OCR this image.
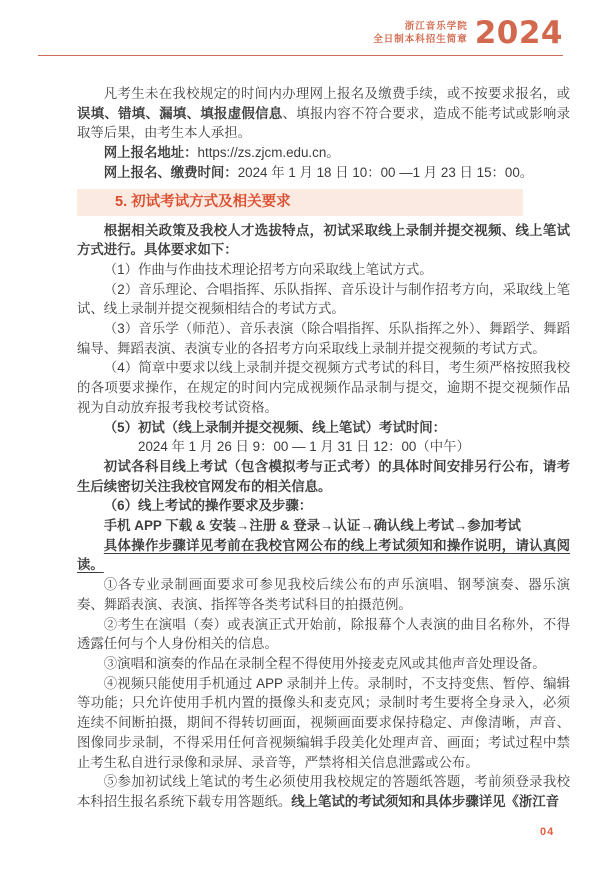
浙江音乐学院
全日制本科招生简章 2024

凡考生未在我校规定的时间内办理网上报名及缴费手续，或不按要求报名，或误填、错填、漏填、填报虚假信息、填报内容不符合要求，造成不能考试或影响录取等后果，由考生本人承担。

网上报名地址：https://zs.zjcm.edu.cn。

网上报名、缴费时间：2024 年 1 月 18 日 10：00 —1 月 23 日 15：00。

5. 初试考试方式及相关要求

根据相关政策及我校人才选拔特点，初试采取线上录制并提交视频、线上笔试方式进行。具体要求如下：

（1）作曲与作曲技术理论招考方向采取线上笔试方式。

（2）音乐理论、合唱指挥、乐队指挥、音乐设计与制作招考方向，采取线上笔试、线上录制并提交视频相结合的考试方式。

（3）音乐学（师范）、音乐表演（除合唱指挥、乐队指挥之外）、舞蹈学、舞蹈编导、舞蹈表演、表演专业的各招考方向采取线上录制并提交视频的考试方式。

（4）简章中要求以线上录制并提交视频方式考试的科目，考生须严格按照我校的各项要求操作，在规定的时间内完成视频作品录制与提交，逾期不提交视频作品视为自动放弃报考我校考试资格。

（5）初试（线上录制并提交视频、线上笔试）考试时间：

2024 年 1 月 26 日 9：00 — 1 月 31 日 12：00（中午）

初试各科目线上考试（包含模拟考与正式考）的具体时间安排另行公布，请考生后续密切关注我校官网发布的相关信息。

（6）线上考试的操作要求及步骤：

手机 APP 下载 & 安装→注册 & 登录→认证→确认线上考试→参加考试

具体操作步骤详见考前在我校官网公布的线上考试须知和操作说明，请认真阅读。

①各专业录制画面要求可参见我校后续公布的声乐演唱、钢琴演奏、器乐演奏、舞蹈表演、表演、指挥等各类考试科目的拍摄范例。

②考生在演唱（奏）或表演正式开始前，除报幕个人表演的曲目名称外，不得透露任何与个人身份相关的信息。

③演唱和演奏的作品在录制全程不得使用外接麦克风或其他声音处理设备。

④视频只能使用手机通过 APP 录制并上传。录制时，不支持变焦、暂停、编辑等功能；只允许使用手机内置的摄像头和麦克风；录制时考生要将全身录入，必须连续不间断拍摄，期间不得转切画面，视频画面要求保持稳定、声像清晰，声音、图像同步录制，不得采用任何音视频编辑手段美化处理声音、画面；考试过程中禁止考生私自进行录像和录屏、录音等，严禁将相关信息泄露或公布。

⑤参加初试线上笔试的考生必须使用我校规定的答题纸答题，考前须登录我校本科招生报名系统下载专用答题纸。线上笔试的考试须知和具体步骤详见《浙江音

04
